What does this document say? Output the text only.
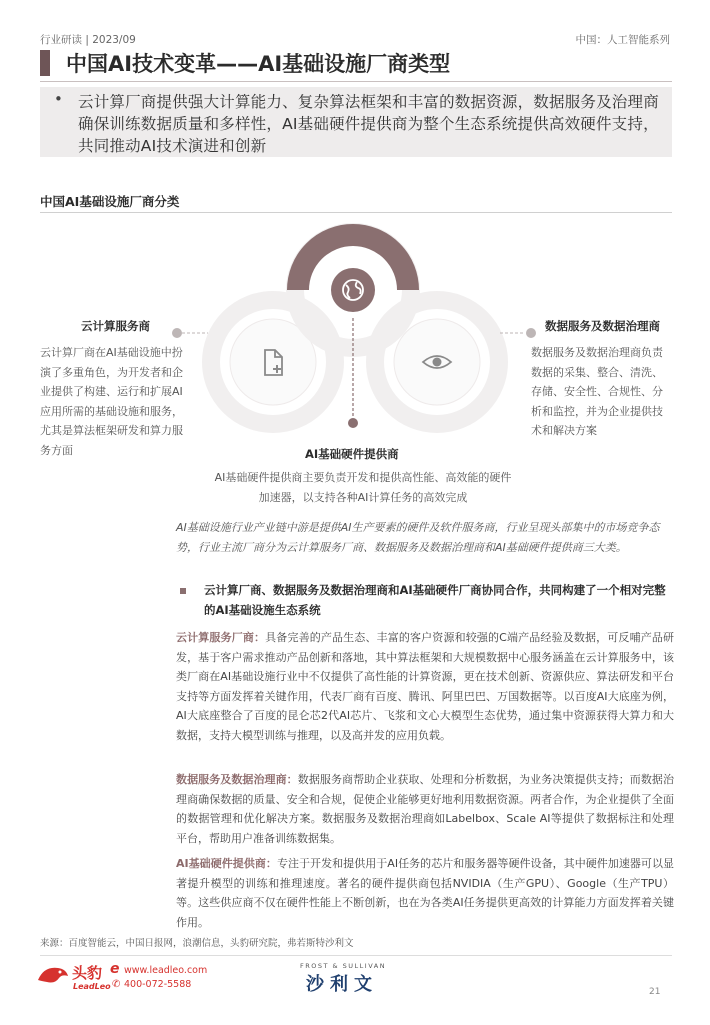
行业研读 | 2023/09	中国：人工智能系列
中国AI技术变革——AI基础设施厂商类型
• 云计算厂商提供强大计算能力、复杂算法框架和丰富的数据资源，数据服务及治理商确保训练数据质量和多样性，AI基础硬件提供商为整个生态系统提供高效硬件支持，共同推动AI技术演进和创新
中国AI基础设施厂商分类
云计算服务商
云计算厂商在AI基础设施中扮演了多重角色，为开发者和企业提供了构建、运行和扩展AI应用所需的基础设施和服务，尤其是算法框架研发和算力服务方面
数据服务及数据治理商
数据服务及数据治理商负责数据的采集、整合、清洗、存储、安全性、合规性、分析和监控，并为企业提供技术和解决方案
AI基础硬件提供商
AI基础硬件提供商主要负责开发和提供高性能、高效能的硬件加速器，以支持各种AI计算任务的高效完成
AI基础设施行业产业链中游是提供AI生产要素的硬件及软件服务商，行业呈现头部集中的市场竞争态势，行业主流厂商分为云计算服务厂商、数据服务及数据治理商和AI基础硬件提供商三大类。
云计算厂商、数据服务及数据治理商和AI基础硬件厂商协同合作，共同构建了一个相对完整的AI基础设施生态系统
云计算服务厂商：具备完善的产品生态、丰富的客户资源和较强的C端产品经验及数据，可反哺产品研发，基于客户需求推动产品创新和落地，其中算法框架和大规模数据中心服务涵盖在云计算服务中，该类厂商在AI基础设施行业中不仅提供了高性能的计算资源，更在技术创新、资源供应、算法研发和平台支持等方面发挥着关键作用，代表厂商有百度、腾讯、阿里巴巴、万国数据等。以百度AI大底座为例，AI大底座整合了百度的昆仑芯2代AI芯片、飞浆和文心大模型生态优势，通过集中资源获得大算力和大数据，支持大模型训练与推理，以及高并发的应用负载。
数据服务及数据治理商：数据服务商帮助企业获取、处理和分析数据，为业务决策提供支持；而数据治理商确保数据的质量、安全和合规，促使企业能够更好地利用数据资源。两者合作，为企业提供了全面的数据管理和优化解决方案。数据服务及数据治理商如Labelbox、Scale AI等提供了数据标注和处理平台，帮助用户准备训练数据集。
AI基础硬件提供商：专注于开发和提供用于AI任务的芯片和服务器等硬件设备，其中硬件加速器可以显著提升模型的训练和推理速度。著名的硬件提供商包括NVIDIA（生产GPU）、Google（生产TPU）等。这些供应商不仅在硬件性能上不断创新，也在为各类AI任务提供更高效的计算能力方面发挥着关键作用。
来源：百度智能云，中国日报网，浪潮信息，头豹研究院，弗若斯特沙利文
头豹
LeadLeo
e www.leadleo.com
✆ 400-072-5588
FROST & SULLIVAN
沙利文	21
